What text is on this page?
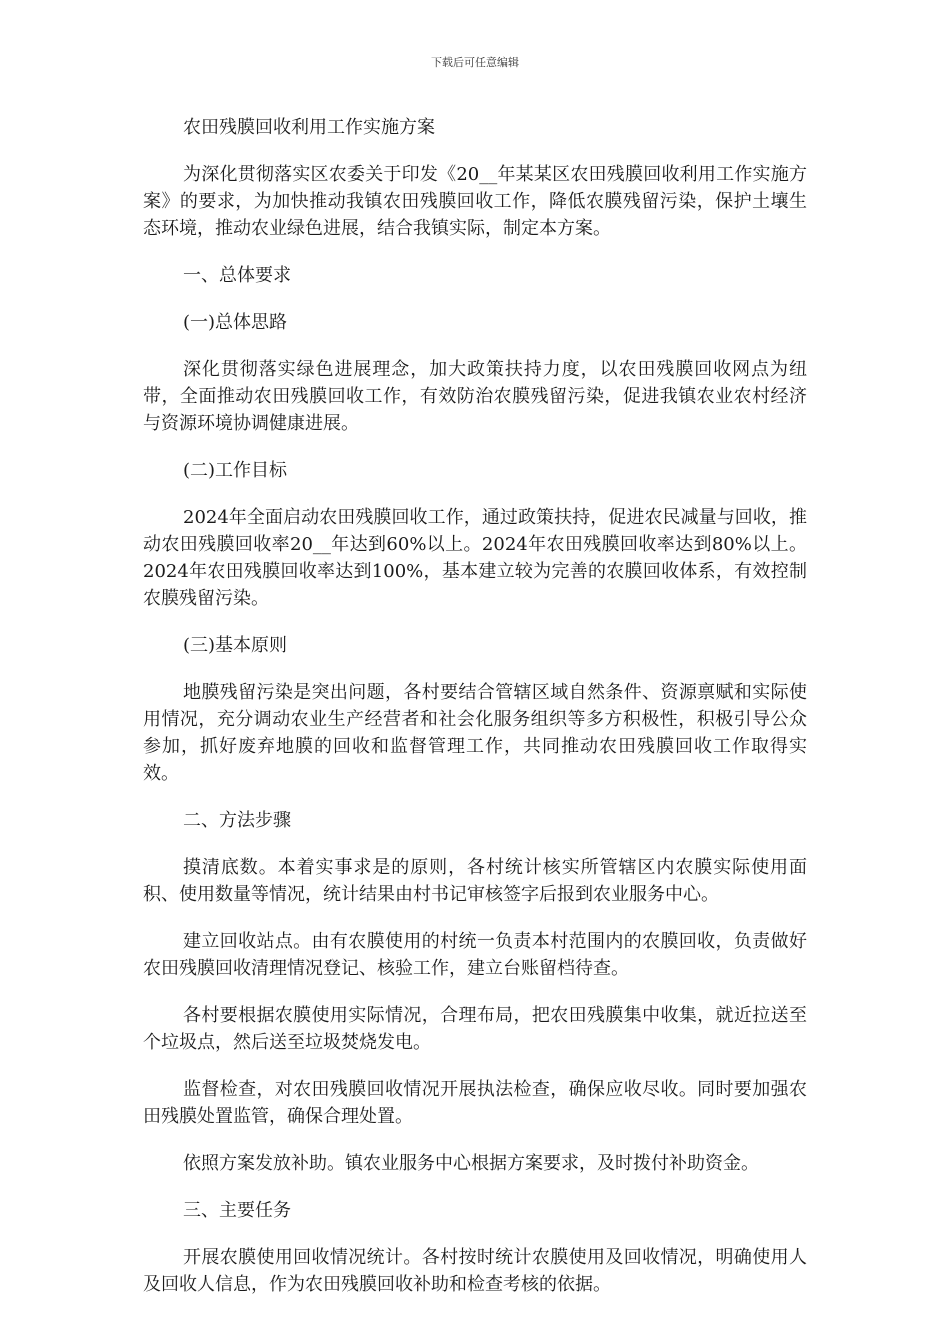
下载后可任意编辑

农田残膜回收利用工作实施方案

为深化贯彻落实区农委关于印发《20__年某某区农田残膜回收利用工作实施方案》的要求，为加快推动我镇农田残膜回收工作，降低农膜残留污染，保护土壤生态环境，推动农业绿色进展，结合我镇实际，制定本方案。

一、总体要求

(一)总体思路

深化贯彻落实绿色进展理念，加大政策扶持力度，以农田残膜回收网点为纽带，全面推动农田残膜回收工作，有效防治农膜残留污染，促进我镇农业农村经济与资源环境协调健康进展。

(二)工作目标

2024年全面启动农田残膜回收工作，通过政策扶持，促进农民减量与回收，推动农田残膜回收率20__年达到60%以上。2024年农田残膜回收率达到80%以上。2024年农田残膜回收率达到100%，基本建立较为完善的农膜回收体系，有效控制农膜残留污染。

(三)基本原则

地膜残留污染是突出问题，各村要结合管辖区域自然条件、资源禀赋和实际使用情况，充分调动农业生产经营者和社会化服务组织等多方积极性，积极引导公众参加，抓好废弃地膜的回收和监督管理工作，共同推动农田残膜回收工作取得实效。

二、方法步骤

摸清底数。本着实事求是的原则，各村统计核实所管辖区内农膜实际使用面积、使用数量等情况，统计结果由村书记审核签字后报到农业服务中心。

建立回收站点。由有农膜使用的村统一负责本村范围内的农膜回收，负责做好农田残膜回收清理情况登记、核验工作，建立台账留档待查。

各村要根据农膜使用实际情况，合理布局，把农田残膜集中收集，就近拉送至个垃圾点，然后送至垃圾焚烧发电。

监督检查，对农田残膜回收情况开展执法检查，确保应收尽收。同时要加强农田残膜处置监管，确保合理处置。

依照方案发放补助。镇农业服务中心根据方案要求，及时拨付补助资金。

三、主要任务

开展农膜使用回收情况统计。各村按时统计农膜使用及回收情况，明确使用人及回收人信息，作为农田残膜回收补助和检查考核的依据。
